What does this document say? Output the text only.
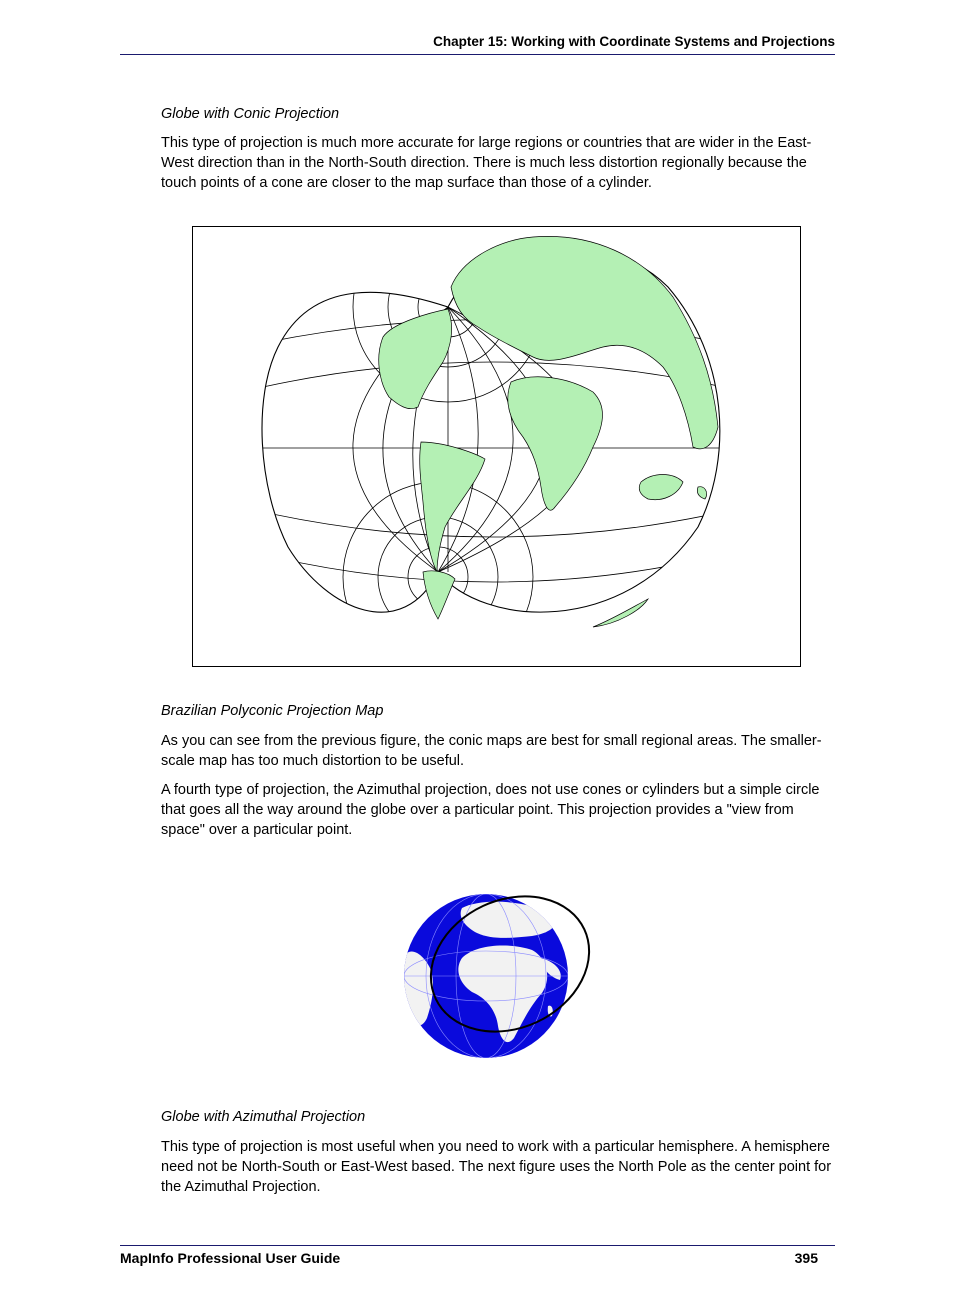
Chapter 15: Working with Coordinate Systems and Projections
Globe with Conic Projection
This type of projection is much more accurate for large regions or countries that are wider in the East-West direction than in the North-South direction. There is much less distortion regionally because the touch points of a cone are closer to the map surface than those of a cylinder.
Brazilian Polyconic Projection Map
As you can see from the previous figure, the conic maps are best for small regional areas. The smaller-scale map has too much distortion to be useful.
A fourth type of projection, the Azimuthal projection, does not use cones or cylinders but a simple circle that goes all the way around the globe over a particular point. This projection provides a "view from space" over a particular point.
Globe with Azimuthal Projection
This type of projection is most useful when you need to work with a particular hemisphere. A hemisphere need not be North-South or East-West based. The next figure uses the North Pole as the center point for the Azimuthal Projection.
MapInfo Professional User Guide	395
